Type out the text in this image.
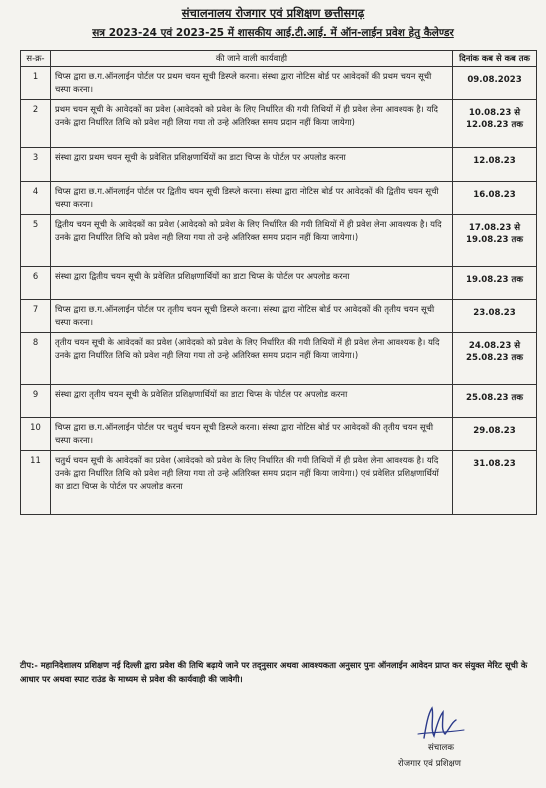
संचालनालय रोजगार एवं प्रशिक्षण छत्तीसगढ़
सत्र 2023-24 एवं 2023-25 में शासकीय आई.टी.आई. में ऑन-लाईन प्रवेश हेतु कैलेण्डर
स-क्र-	की जाने वाली कार्यवाही	दिनांक कब से कब तक
1	चिप्स द्वारा छ.ग.ऑनलाईन पोर्टल पर प्रथम चयन सूची डिस्प्ले करना। संस्था द्वारा नोटिस बोर्ड पर आवेदकों की प्रथम चयन सूची चस्पा करना।	09.08.2023

2	प्रथम चयन सूची के आवेदकों का प्रवेश (आवेदको को प्रवेश के लिए निर्धारित की गयी तिथियों में ही प्रवेश लेना आवश्यक है। यदि उनके द्वारा निर्धारित तिथि को प्रवेश नही लिया गया तो उन्हे अतिरिक्त समय प्रदान नहीं किया जायेगा)	10.08.23 से
12.08.23 तक
3	संस्था द्वारा प्रथम चयन सूची के प्रवेशित प्रशिक्षणार्थियों का डाटा चिप्स के पोर्टल पर अपलोड करना	12.08.23

4	चिप्स द्वारा छ.ग.ऑनलाईन पोर्टल पर द्वितीय चयन सूची डिस्प्ले करना। संस्था द्वारा नोटिस बोर्ड पर आवेदकों की द्वितीय चयन सूची चस्पा करना।	16.08.23

5	द्वितीय चयन सूची के आवेदकों का प्रवेश (आवेदको को प्रवेश के लिए निर्धारित की गयी तिथियों में ही प्रवेश लेना आवश्यक है। यदि उनके द्वारा निर्धारित तिथि को प्रवेश नही लिया गया तो उन्हे अतिरिक्त समय प्रदान नहीं किया जायेगा।)	17.08.23 से
19.08.23 तक
6	संस्था द्वारा द्वितीय चयन सूची के प्रवेशित प्रशिक्षणार्थियों का डाटा चिप्स के पोर्टल पर अपलोड करना	19.08.23 तक

7	चिप्स द्वारा छ.ग.ऑनलाईन पोर्टल पर तृतीय चयन सूची डिस्प्ले करना। संस्था द्वारा नोटिस बोर्ड पर आवेदकों की तृतीय चयन सूची चस्पा करना।	23.08.23

8	तृतीय चयन सूची के आवेदकों का प्रवेश (आवेदको को प्रवेश के लिए निर्धारित की गयी तिथियों में ही प्रवेश लेना आवश्यक है। यदि उनके द्वारा निर्धारित तिथि को प्रवेश नही लिया गया तो उन्हे अतिरिक्त समय प्रदान नहीं किया जायेगा।)	24.08.23 से
25.08.23 तक
9	संस्था द्वारा तृतीय चयन सूची के प्रवेशित प्रशिक्षणार्थियों का डाटा चिप्स के पोर्टल पर अपलोड करना	25.08.23 तक

10	चिप्स द्वारा छ.ग.ऑनलाईन पोर्टल पर चतुर्थ चयन सूची डिस्प्ले करना। संस्था द्वारा नोटिस बोर्ड पर आवेदकों की तृतीय चयन सूची चस्पा करना।	29.08.23

11	चतुर्थ चयन सूची के आवेदकों का प्रवेश (आवेदको को प्रवेश के लिए निर्धारित की गयी तिथियों में ही प्रवेश लेना आवश्यक है। यदि उनके द्वारा निर्धारित तिथि को प्रवेश नही लिया गया तो उन्हे अतिरिक्त समय प्रदान नहीं किया जायेगा।) एवं प्रवेशित प्रशिक्षणार्थियों का डाटा चिप्स के पोर्टल पर अपलोड करना	31.08.23
टीप:- महानिदेशालय प्रशिक्षण नई दिल्ली द्वारा प्रवेश की तिथि बढ़ाये जाने पर तद्नुसार अथवा आवश्यकता अनुसार पुनः ऑनलाईन आवेदन प्राप्त कर संयुक्त मेरिट सूची के आधार पर अथवा स्पाट राउंड के माध्यम से प्रवेश की कार्यवाही की जावेगी।
संचालक
रोजगार एवं प्रशिक्षण
